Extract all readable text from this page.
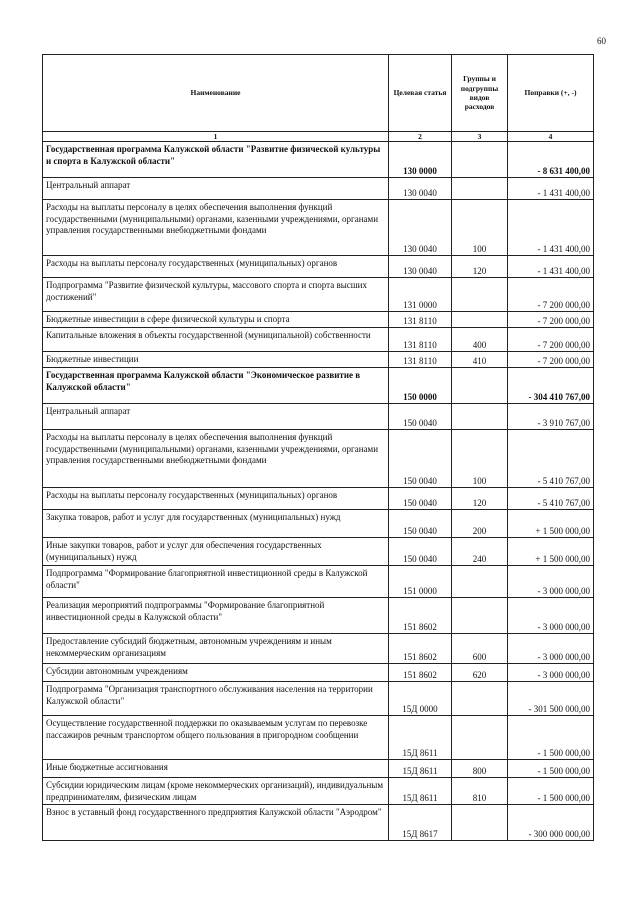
60
Наименование	Целевая статья	Группы и подгруппы видов расходов	Поправки (+, -)
1	2	3	4
Государственная программа Калужской области "Развитие физической культуры и спорта в Калужской области"	130 0000		- 8 631 400,00
Центральный аппарат	130 0040		- 1 431 400,00
Расходы на выплаты персоналу в целях обеспечения выполнения функций государственными (муниципальными) органами, казенными учреждениями, органами управления государственными внебюджетными фондами	130 0040	100	- 1 431 400,00
Расходы на выплаты персоналу государственных (муниципальных) органов	130 0040	120	- 1 431 400,00
Подпрограмма "Развитие физической культуры, массового спорта и спорта высших достижений"	131 0000		- 7 200 000,00
Бюджетные инвестиции в сфере физической культуры и спорта	131 8110		- 7 200 000,00
Капитальные вложения в объекты государственной (муниципальной) собственности	131 8110	400	- 7 200 000,00
Бюджетные инвестиции	131 8110	410	- 7 200 000,00
Государственная программа Калужской области "Экономическое развитие в Калужской области"	150 0000		- 304 410 767,00
Центральный аппарат	150 0040		- 3 910 767,00
Расходы на выплаты персоналу в целях обеспечения выполнения функций государственными (муниципальными) органами, казенными учреждениями, органами управления государственными внебюджетными фондами	150 0040	100	- 5 410 767,00
Расходы на выплаты персоналу государственных (муниципальных) органов	150 0040	120	- 5 410 767,00
Закупка товаров, работ и услуг для государственных (муниципальных) нужд	150 0040	200	+ 1 500 000,00
Иные закупки товаров, работ и услуг для обеспечения государственных (муниципальных) нужд	150 0040	240	+ 1 500 000,00
Подпрограмма "Формирование благоприятной инвестиционной среды в Калужской области"	151 0000		- 3 000 000,00
Реализация мероприятий подпрограммы "Формирование благоприятной инвестиционной среды в Калужской области"	151 8602		- 3 000 000,00
Предоставление субсидий бюджетным, автономным учреждениям и иным некоммерческим организациям	151 8602	600	- 3 000 000,00
Субсидии автономным учреждениям	151 8602	620	- 3 000 000,00
Подпрограмма "Организация транспортного обслуживания населения на территории Калужской области"	15Д 0000		- 301 500 000,00
Осуществление государственной поддержки по оказываемым услугам по перевозке пассажиров речным транспортом общего пользования в пригородном сообщении	15Д 8611		- 1 500 000,00
Иные бюджетные ассигнования	15Д 8611	800	- 1 500 000,00
Субсидии юридическим лицам (кроме некоммерческих организаций), индивидуальным предпринимателям, физическим лицам	15Д 8611	810	- 1 500 000,00
Взнос в уставный фонд государственного предприятия Калужской области "Аэродром"	15Д 8617		- 300 000 000,00
